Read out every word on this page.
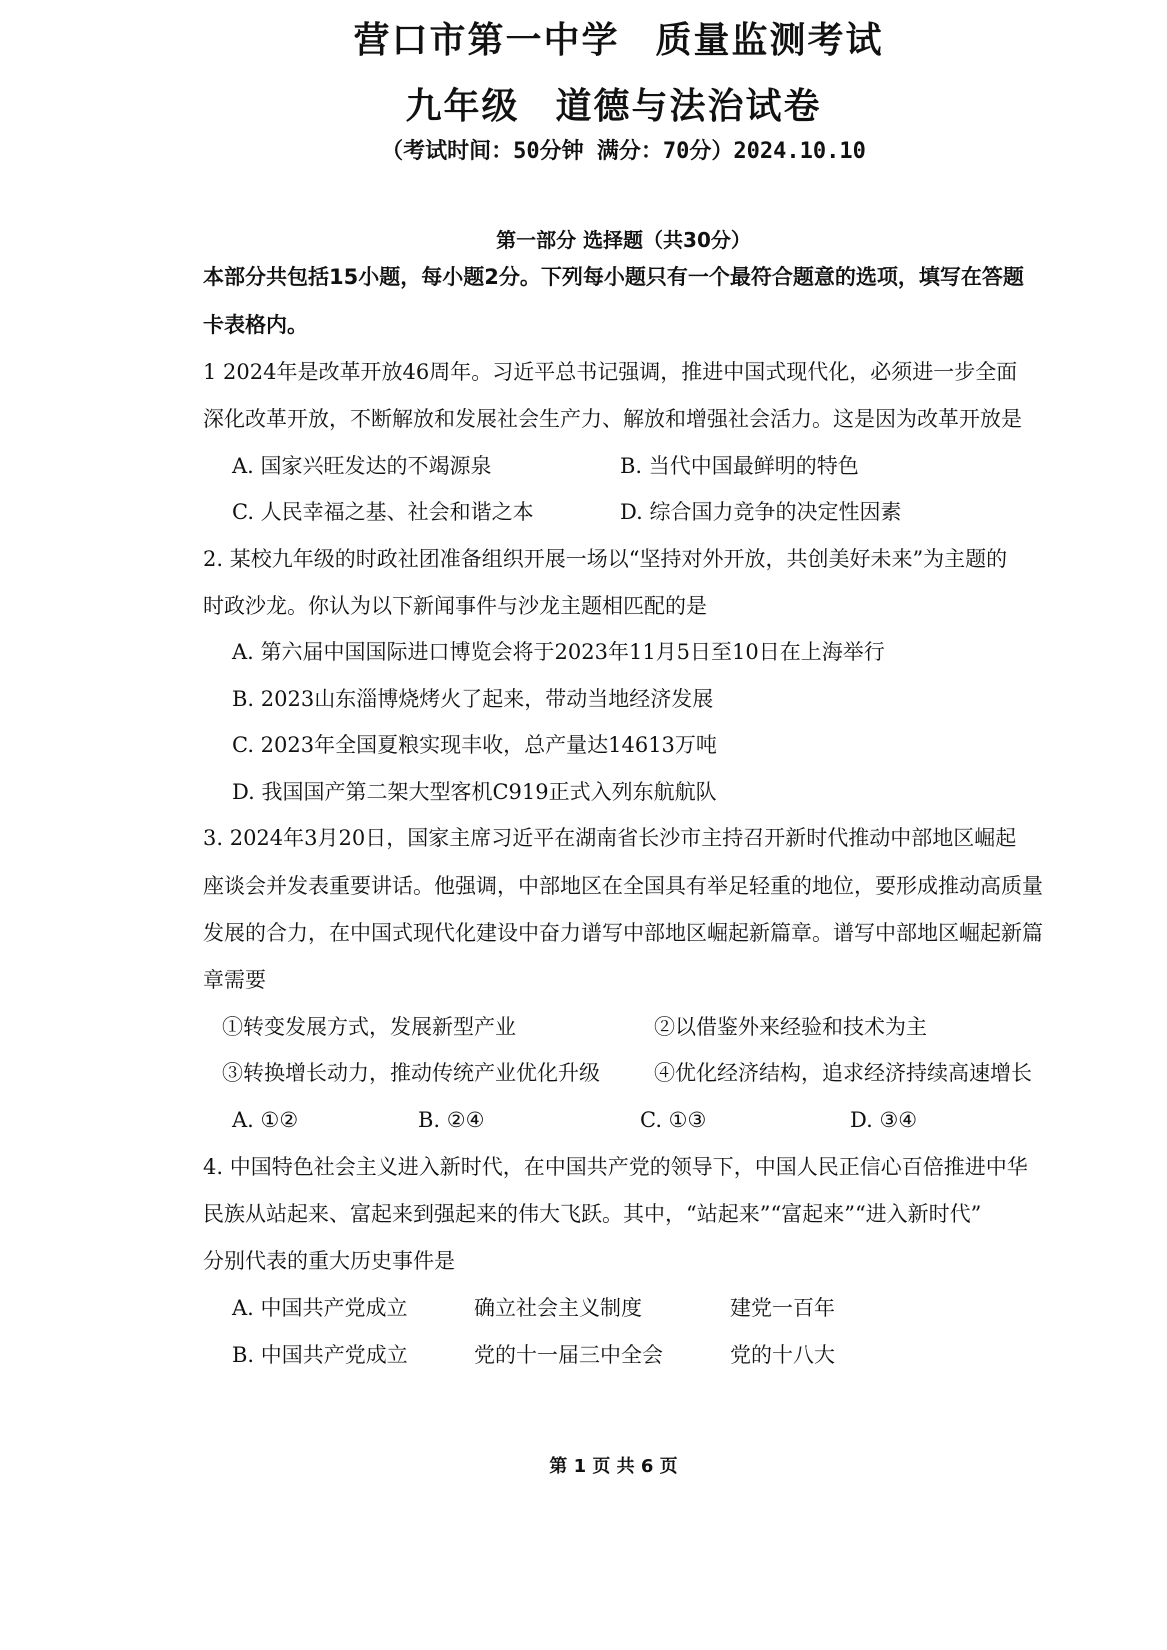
营口市第一中学 质量监测考试
九年级 道德与法治试卷
（考试时间：50分钟 满分：70分）2024.10.10
第一部分 选择题（共30分）
本部分共包括15小题，每小题2分。下列每小题只有一个最符合题意的选项，填写在答题
卡表格内。
1 2024年是改革开放46周年。习近平总书记强调，推进中国式现代化，必须进一步全面
深化改革开放，不断解放和发展社会生产力、解放和增强社会活力。这是因为改革开放是
A. 国家兴旺发达的不竭源泉	B. 当代中国最鲜明的特色
C. 人民幸福之基、社会和谐之本	D. 综合国力竞争的决定性因素
2. 某校九年级的时政社团准备组织开展一场以“坚持对外开放，共创美好未来”为主题的
时政沙龙。你认为以下新闻事件与沙龙主题相匹配的是
A. 第六届中国国际进口博览会将于2023年11月5日至10日在上海举行
B. 2023山东淄博烧烤火了起来，带动当地经济发展
C. 2023年全国夏粮实现丰收，总产量达14613万吨
D. 我国国产第二架大型客机C919正式入列东航航队
3. 2024年3月20日，国家主席习近平在湖南省长沙市主持召开新时代推动中部地区崛起
座谈会并发表重要讲话。他强调，中部地区在全国具有举足轻重的地位，要形成推动高质量
发展的合力，在中国式现代化建设中奋力谱写中部地区崛起新篇章。谱写中部地区崛起新篇
章需要
①转变发展方式，发展新型产业	②以借鉴外来经验和技术为主
③转换增长动力，推动传统产业优化升级	④优化经济结构，追求经济持续高速增长
A. ①②	B. ②④	C. ①③	D. ③④
4. 中国特色社会主义进入新时代，在中国共产党的领导下，中国人民正信心百倍推进中华
民族从站起来、富起来到强起来的伟大飞跃。其中，“站起来”“富起来”“进入新时代”
分别代表的重大历史事件是
A. 中国共产党成立	确立社会主义制度	建党一百年
B. 中国共产党成立	党的十一届三中全会	党的十八大
第 1 页 共 6 页
